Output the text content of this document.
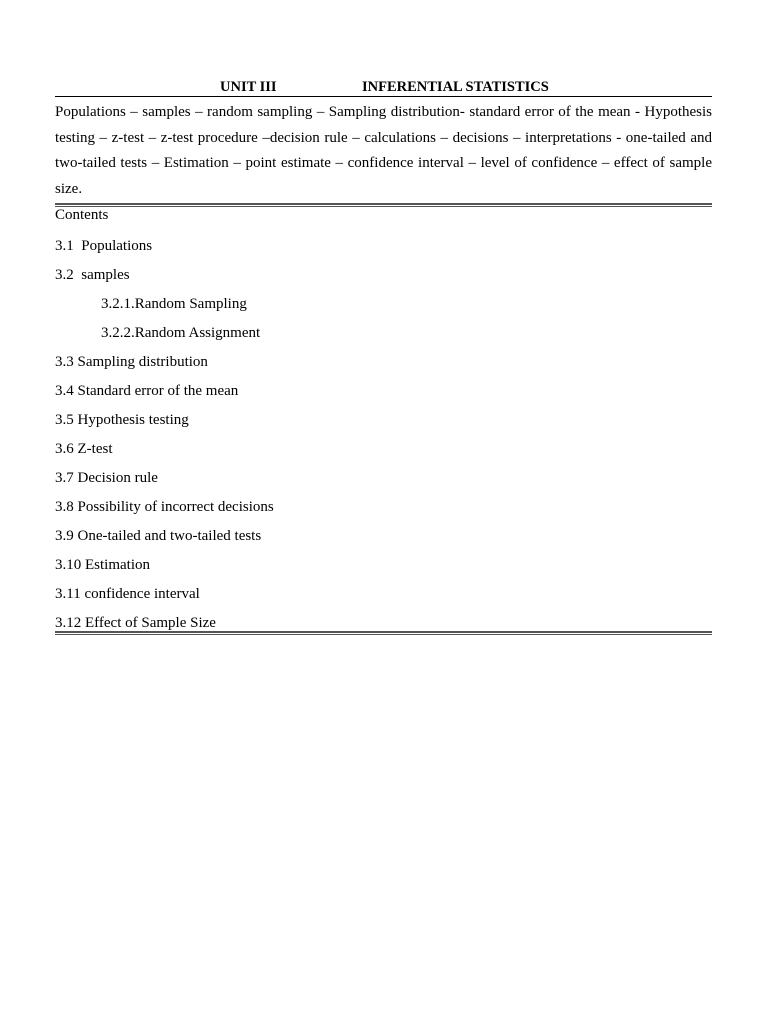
UNIT III	INFERENTIAL STATISTICS

Populations – samples – random sampling – Sampling distribution- standard error of the mean - Hypothesis testing – z-test – z-test procedure –decision rule – calculations – decisions – interpretations - one-tailed and two-tailed tests – Estimation – point estimate – confidence interval – level of confidence – effect of sample size.

Contents
3.1  Populations
3.2  samples
3.2.1.Random Sampling
3.2.2.Random Assignment
3.3 Sampling distribution
3.4 Standard error of the mean
3.5 Hypothesis testing
3.6 Z-test
3.7 Decision rule
3.8 Possibility of incorrect decisions
3.9 One-tailed and two-tailed tests
3.10 Estimation
3.11 confidence interval
3.12 Effect of Sample Size
